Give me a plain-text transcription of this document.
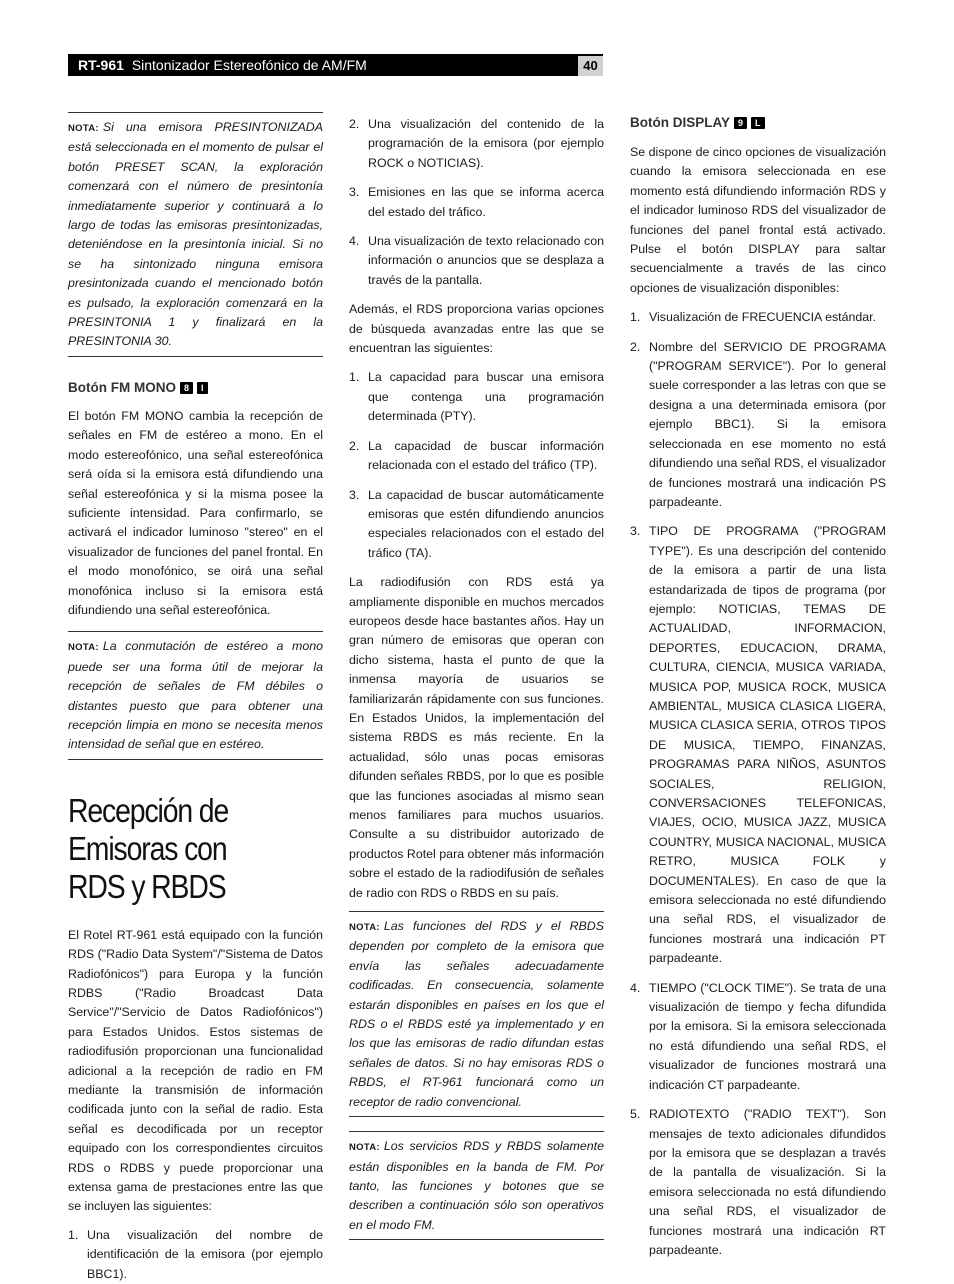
RT-961 Sintonizador Estereofónico de AM/FM	40

NOTA: Si una emisora PRESINTONIZADA está seleccionada en el momento de pulsar el botón PRESET SCAN, la exploración comenzará con el número de presintonía inmediatamente superior y continuará a lo largo de todas las emisoras presintonizadas, deteniéndose en la presintonía inicial. Si no se ha sintonizado ninguna emisora presintonizada cuando el mencionado botón es pulsado, la exploración comenzará en la PRESINTONIA 1 y finalizará en la PRESINTONIA 30.

Botón FM MONO 8 I

El botón FM MONO cambia la recepción de señales en FM de estéreo a mono. En el modo estereofónico, una señal estereofónica será oída si la emisora está difundiendo una señal estereofónica y si la misma posee la suficiente intensidad. Para confirmarlo, se activará el indicador luminoso "stereo" en el visualizador de funciones del panel frontal. En el modo monofónico, se oirá una señal monofónica incluso si la emisora está difundiendo una señal estereofónica.

NOTA: La conmutación de estéreo a mono puede ser una forma útil de mejorar la recepción de señales de FM débiles o distantes puesto que para obtener una recepción limpia en mono se necesita menos intensidad de señal que en estéreo.

Recepción de Emisoras con RDS y RBDS

El Rotel RT-961 está equipado con la función RDS ("Radio Data System"/"Sistema de Datos Radiofónicos") para Europa y la función RDBS ("Radio Broadcast Data Service"/"Servicio de Datos Radiofónicos") para Estados Unidos. Estos sistemas de radiodifusión proporcionan una funcionalidad adicional a la recepción de radio en FM mediante la transmisión de información codificada junto con la señal de radio. Esta señal es decodificada por un receptor equipado con los correspondientes circuitos RDS o RDBS y puede proporcionar una extensa gama de prestaciones entre las que se incluyen las siguientes:

1. Una visualización del nombre de identificación de la emisora (por ejemplo BBC1).
2. Una visualización del contenido de la programación de la emisora (por ejemplo ROCK o NOTICIAS).
3. Emisiones en las que se informa acerca del estado del tráfico.
4. Una visualización de texto relacionado con información o anuncios que se desplaza a través de la pantalla.

Además, el RDS proporciona varias opciones de búsqueda avanzadas entre las que se encuentran las siguientes:

1. La capacidad para buscar una emisora que contenga una programación determinada (PTY).
2. La capacidad de buscar información relacionada con el estado del tráfico (TP).
3. La capacidad de buscar automáticamente emisoras que estén difundiendo anuncios especiales relacionados con el estado del tráfico (TA).

La radiodifusión con RDS está ya ampliamente disponible en muchos mercados europeos desde hace bastantes años. Hay un gran número de emisoras que operan con dicho sistema, hasta el punto de que la inmensa mayoría de usuarios se familiarizarán rápidamente con sus funciones. En Estados Unidos, la implementación del sistema RBDS es más reciente. En la actualidad, sólo unas pocas emisoras difunden señales RBDS, por lo que es posible que las funciones asociadas al mismo sean menos familiares para muchos usuarios. Consulte a su distribuidor autorizado de productos Rotel para obtener más información sobre el estado de la radiodifusión de señales de radio con RDS o RBDS en su país.

NOTA: Las funciones del RDS y el RBDS dependen por completo de la emisora que envía las señales adecuadamente codificadas. En consecuencia, solamente estarán disponibles en países en los que el RDS o el RBDS esté ya implementado y en los que las emisoras de radio difundan estas señales de datos. Si no hay emisoras RDS o RBDS, el RT-961 funcionará como un receptor de radio convencional.

NOTA: Los servicios RDS y RBDS solamente están disponibles en la banda de FM. Por tanto, las funciones y botones que se describen a continuación sólo son operativos en el modo FM.

Botón DISPLAY 9 L

Se dispone de cinco opciones de visualización cuando la emisora seleccionada en ese momento está difundiendo información RDS y el indicador luminoso RDS del visualizador de funciones del panel frontal está activado. Pulse el botón DISPLAY para saltar secuencialmente a través de las cinco opciones de visualización disponibles:

1. Visualización de FRECUENCIA estándar.
2. Nombre del SERVICIO DE PROGRAMA ("PROGRAM SERVICE"). Por lo general suele corresponder a las letras con que se designa a una determinada emisora (por ejemplo BBC1). Si la emisora seleccionada en ese momento no está difundiendo una señal RDS, el visualizador de funciones mostrará una indicación PS parpadeante.
3. TIPO DE PROGRAMA ("PROGRAM TYPE"). Es una descripción del contenido de la emisora a partir de una lista estandarizada de tipos de programa (por ejemplo: NOTICIAS, TEMAS DE ACTUALIDAD, INFORMACION, DEPORTES, EDUCACION, DRAMA, CULTURA, CIENCIA, MUSICA VARIADA, MUSICA POP, MUSICA ROCK, MUSICA AMBIENTAL, MUSICA CLASICA LIGERA, MUSICA CLASICA SERIA, OTROS TIPOS DE MUSICA, TIEMPO, FINANZAS, PROGRAMAS PARA NIÑOS, ASUNTOS SOCIALES, RELIGION, CONVERSACIONES TELEFONICAS, VIAJES, OCIO, MUSICA JAZZ, MUSICA COUNTRY, MUSICA NACIONAL, MUSICA RETRO, MUSICA FOLK y DOCUMENTALES). En caso de que la emisora seleccionada no esté difundiendo una señal RDS, el visualizador de funciones mostrará una indicación PT parpadeante.
4. TIEMPO ("CLOCK TIME"). Se trata de una visualización de tiempo y fecha difundida por la emisora. Si la emisora seleccionada no está difundiendo una señal RDS, el visualizador de funciones mostrará una indicación CT parpadeante.
5. RADIOTEXTO ("RADIO TEXT"). Son mensajes de texto adicionales difundidos por la emisora que se desplazan a través de la pantalla de visualización. Si la emisora seleccionada no está difundiendo una señal RDS, el visualizador de funciones mostrará una indicación RT parpadeante.
